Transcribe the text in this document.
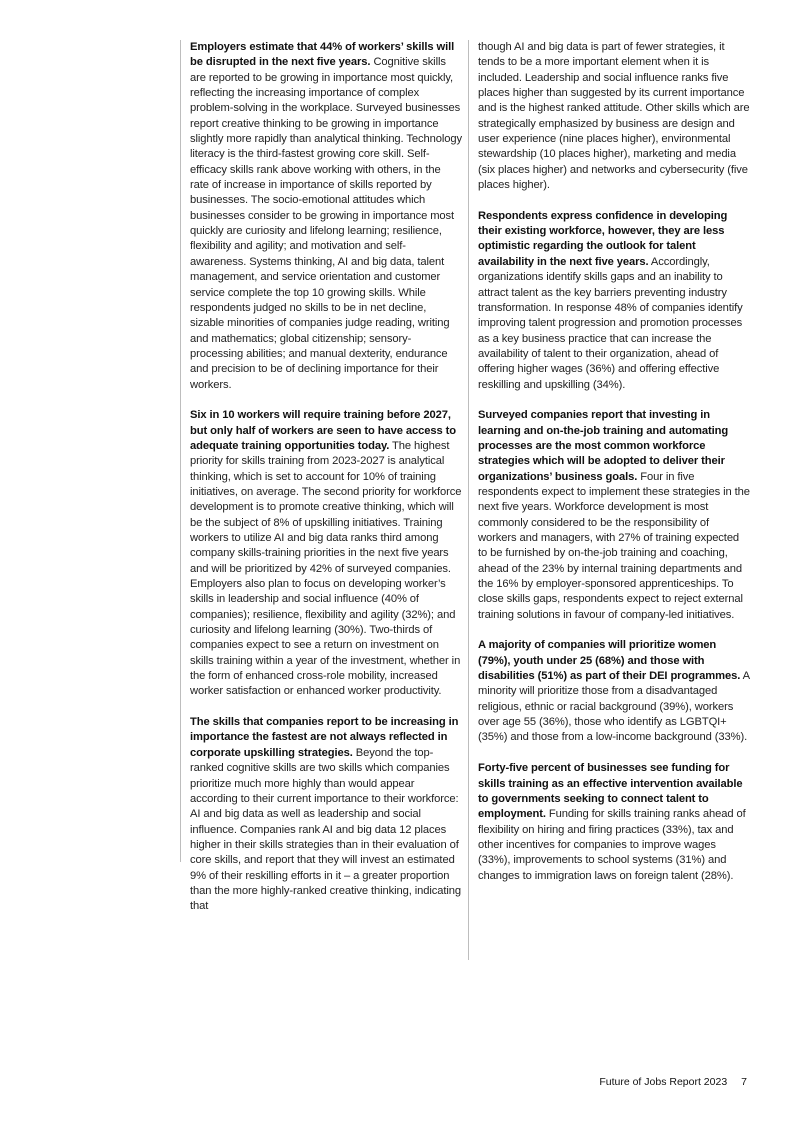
Employers estimate that 44% of workers’ skills will be disrupted in the next five years. Cognitive skills are reported to be growing in importance most quickly, reflecting the increasing importance of complex problem-solving in the workplace. Surveyed businesses report creative thinking to be growing in importance slightly more rapidly than analytical thinking. Technology literacy is the third-fastest growing core skill. Self-efficacy skills rank above working with others, in the rate of increase in importance of skills reported by businesses. The socio-emotional attitudes which businesses consider to be growing in importance most quickly are curiosity and lifelong learning; resilience, flexibility and agility; and motivation and self-awareness. Systems thinking, AI and big data, talent management, and service orientation and customer service complete the top 10 growing skills. While respondents judged no skills to be in net decline, sizable minorities of companies judge reading, writing and mathematics; global citizenship; sensory-processing abilities; and manual dexterity, endurance and precision to be of declining importance for their workers.

Six in 10 workers will require training before 2027, but only half of workers are seen to have access to adequate training opportunities today. The highest priority for skills training from 2023-2027 is analytical thinking, which is set to account for 10% of training initiatives, on average. The second priority for workforce development is to promote creative thinking, which will be the subject of 8% of upskilling initiatives. Training workers to utilize AI and big data ranks third among company skills-training priorities in the next five years and will be prioritized by 42% of surveyed companies. Employers also plan to focus on developing worker’s skills in leadership and social influence (40% of companies); resilience, flexibility and agility (32%); and curiosity and lifelong learning (30%). Two-thirds of companies expect to see a return on investment on skills training within a year of the investment, whether in the form of enhanced cross-role mobility, increased worker satisfaction or enhanced worker productivity.

The skills that companies report to be increasing in importance the fastest are not always reflected in corporate upskilling strategies. Beyond the top-ranked cognitive skills are two skills which companies prioritize much more highly than would appear according to their current importance to their workforce: AI and big data as well as leadership and social influence. Companies rank AI and big data 12 places higher in their skills strategies than in their evaluation of core skills, and report that they will invest an estimated 9% of their reskilling efforts in it – a greater proportion than the more highly-ranked creative thinking, indicating that

though AI and big data is part of fewer strategies, it tends to be a more important element when it is included. Leadership and social influence ranks five places higher than suggested by its current importance and is the highest ranked attitude. Other skills which are strategically emphasized by business are design and user experience (nine places higher), environmental stewardship (10 places higher), marketing and media (six places higher) and networks and cybersecurity (five places higher).

Respondents express confidence in developing their existing workforce, however, they are less optimistic regarding the outlook for talent availability in the next five years. Accordingly, organizations identify skills gaps and an inability to attract talent as the key barriers preventing industry transformation. In response 48% of companies identify improving talent progression and promotion processes as a key business practice that can increase the availability of talent to their organization, ahead of offering higher wages (36%) and offering effective reskilling and upskilling (34%).

Surveyed companies report that investing in learning and on-the-job training and automating processes are the most common workforce strategies which will be adopted to deliver their organizations’ business goals. Four in five respondents expect to implement these strategies in the next five years. Workforce development is most commonly considered to be the responsibility of workers and managers, with 27% of training expected to be furnished by on-the-job training and coaching, ahead of the 23% by internal training departments and the 16% by employer-sponsored apprenticeships. To close skills gaps, respondents expect to reject external training solutions in favour of company-led initiatives.

A majority of companies will prioritize women (79%), youth under 25 (68%) and those with disabilities (51%) as part of their DEI programmes. A minority will prioritize those from a disadvantaged religious, ethnic or racial background (39%), workers over age 55 (36%), those who identify as LGBTQI+ (35%) and those from a low-income background (33%).

Forty-five percent of businesses see funding for skills training as an effective intervention available to governments seeking to connect talent to employment. Funding for skills training ranks ahead of flexibility on hiring and firing practices (33%), tax and other incentives for companies to improve wages (33%), improvements to school systems (31%) and changes to immigration laws on foreign talent (28%).

Future of Jobs Report 2023 7
